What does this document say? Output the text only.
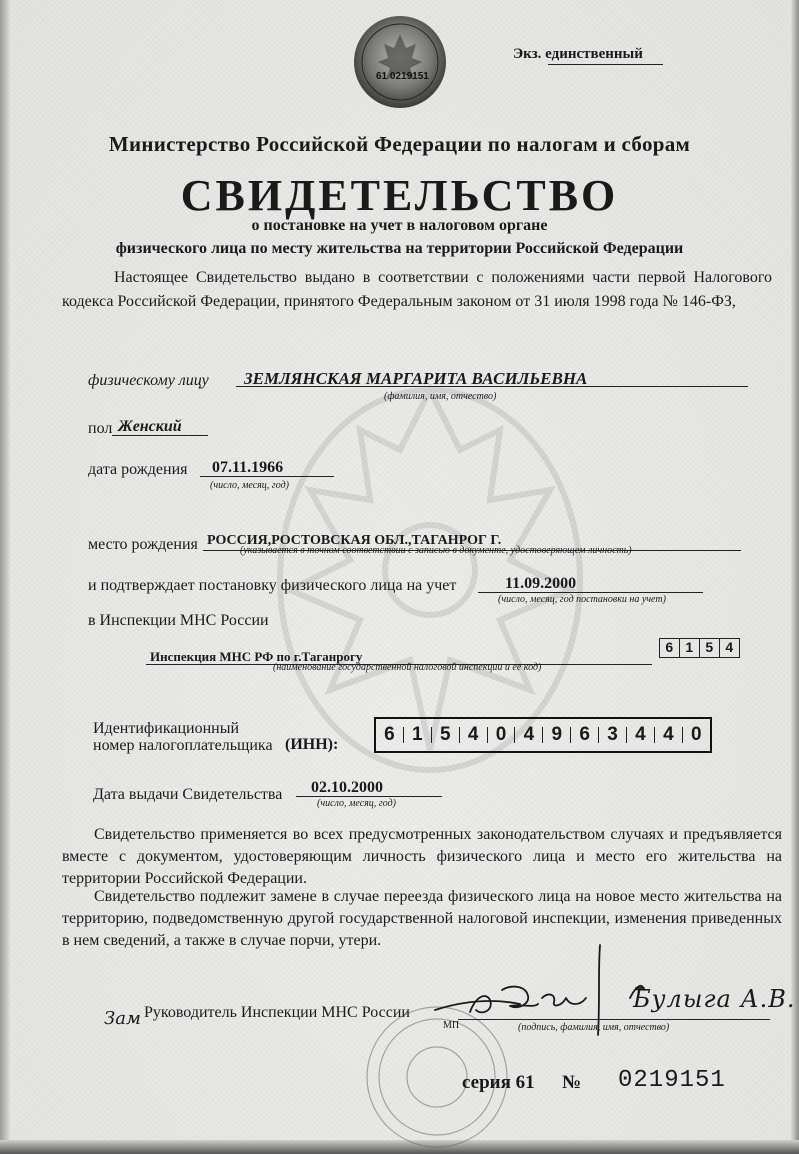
61 0219151
Экз. единственный
Министерство Российской Федерации по налогам и сборам
СВИДЕТЕЛЬСТВО
о постановке на учет в налоговом органе
физического лица по месту жительства на территории Российской Федерации
Настоящее Свидетельство выдано в соответствии с положениями части первой Налогового кодекса Российской Федерации, принятого Федеральным законом от 31 июля 1998 года № 146-ФЗ,
физическому лицу ЗЕМЛЯНСКАЯ МАРГАРИТА ВАСИЛЬЕВНА
(фамилия, имя, отчество)
пол Женский
дата рождения 07.11.1966
(число, месяц, год)
место рождения РОССИЯ,РОСТОВСКАЯ ОБЛ.,ТАГАНРОГ Г.
(указывается в точном соответствии с записью в документе, удостоверяющем личность)
и подтверждает постановку физического лица на учет	11.09.2000
(число, месяц, год постановки на учет)
в Инспекции МНС России
Инспекция МНС РФ по г.Таганрогу
(наименование государственной налоговой инспекции и ее код)
6 1 5 4
Идентификационный
номер налогоплательщика (ИНН): 6 1 5 4 0 4 9 6 3 4 4 0
Дата выдачи Свидетельства 02.10.2000
(число, месяц, год)
Свидетельство применяется во всех предусмотренных законодательством случаях и предъявляется вместе с документом, удостоверяющим личность физического лица и место его жительства на территории Российской Федерации.
Свидетельство подлежит замене в случае переезда физического лица на новое место жительства на территорию, подведомственную другой государственной налоговой инспекции, изменения приведенных в нем сведений, а также в случае порчи, утери.
Зам Руководитель Инспекции МНС России
МП	(подпись, фамилия, имя, отчество)
Булыга А.В.
серия 61 № 0219151
